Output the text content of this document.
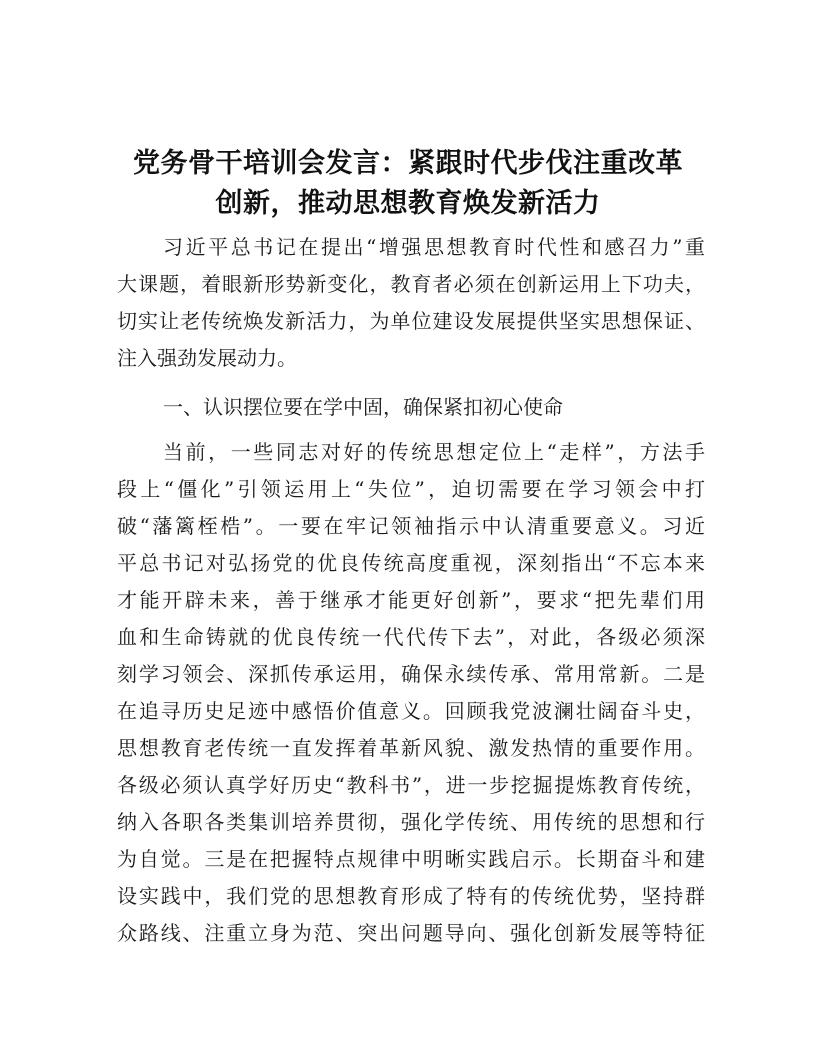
党务骨干培训会发言：紧跟时代步伐注重改革
创新，推动思想教育焕发新活力
习近平总书记在提出“增强思想教育时代性和感召力”重
大课题，着眼新形势新变化，教育者必须在创新运用上下功夫，
切实让老传统焕发新活力，为单位建设发展提供坚实思想保证、
注入强劲发展动力。
一、认识摆位要在学中固，确保紧扣初心使命
当前，一些同志对好的传统思想定位上“走样”，方法手
段上“僵化”引领运用上“失位”，迫切需要在学习领会中打
破“藩篱桎梏”。一要在牢记领袖指示中认清重要意义。习近
平总书记对弘扬党的优良传统高度重视，深刻指出“不忘本来
才能开辟未来，善于继承才能更好创新”，要求“把先辈们用
血和生命铸就的优良传统一代代传下去”，对此，各级必须深
刻学习领会、深抓传承运用，确保永续传承、常用常新。二是
在追寻历史足迹中感悟价值意义。回顾我党波澜壮阔奋斗史，
思想教育老传统一直发挥着革新风貌、激发热情的重要作用。
各级必须认真学好历史“教科书”，进一步挖掘提炼教育传统，
纳入各职各类集训培养贯彻，强化学传统、用传统的思想和行
为自觉。三是在把握特点规律中明晰实践启示。长期奋斗和建
设实践中，我们党的思想教育形成了特有的传统优势，坚持群
众路线、注重立身为范、突出问题导向、强化创新发展等特征
